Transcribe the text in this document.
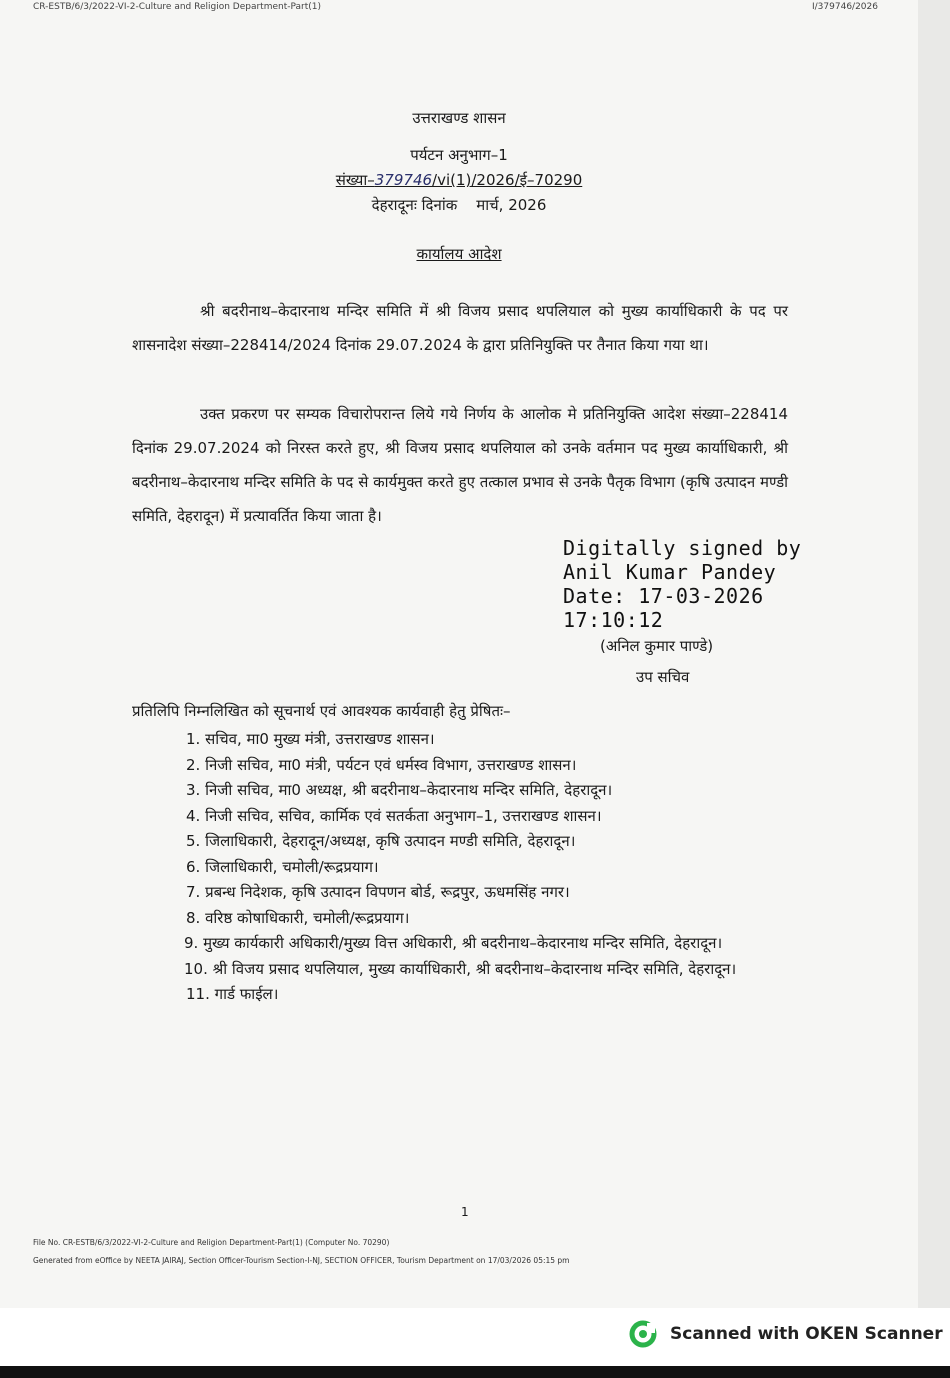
CR-ESTB/6/3/2022-VI-2-Culture and Religion Department-Part(1)	I/379746/2026
उत्तराखण्ड शासन
पर्यटन अनुभाग–1
संख्या–379746/vi(1)/2026/ई–70290
देहरादूनः दिनांक    मार्च, 2026
कार्यालय आदेश
श्री बदरीनाथ–केदारनाथ मन्दिर समिति में श्री विजय प्रसाद थपलियाल को मुख्य कार्याधिकारी के पद पर शासनादेश संख्या–228414/2024 दिनांक 29.07.2024 के द्वारा प्रतिनियुक्ति पर तैनात किया गया था।
उक्त प्रकरण पर सम्यक विचारोपरान्त लिये गये निर्णय के आलोक मे प्रतिनियुक्ति आदेश संख्या–228414 दिनांक 29.07.2024 को निरस्त करते हुए, श्री विजय प्रसाद थपलियाल को उनके वर्तमान पद मुख्य कार्याधिकारी, श्री बदरीनाथ–केदारनाथ मन्दिर समिति के पद से कार्यमुक्त करते हुए तत्काल प्रभाव से उनके पैतृक विभाग (कृषि उत्पादन मण्डी समिति, देहरादून) में प्रत्यावर्तित किया जाता है।
Digitally signed by
Anil Kumar Pandey
Date: 17-03-2026
17:10:12
(अनिल कुमार पाण्डे)
उप सचिव
प्रतिलिपि निम्नलिखित को सूचनार्थ एवं आवश्यक कार्यवाही हेतु प्रेषितः–
1. सचिव, मा0 मुख्य मंत्री, उत्तराखण्ड शासन।
2. निजी सचिव, मा0 मंत्री, पर्यटन एवं धर्मस्व विभाग, उत्तराखण्ड शासन।
3. निजी सचिव, मा0 अध्यक्ष, श्री बदरीनाथ–केदारनाथ मन्दिर समिति, देहरादून।
4. निजी सचिव, सचिव, कार्मिक एवं सतर्कता अनुभाग–1, उत्तराखण्ड शासन।
5. जिलाधिकारी, देहरादून/अध्यक्ष, कृषि उत्पादन मण्डी समिति, देहरादून।
6. जिलाधिकारी, चमोली/रूद्रप्रयाग।
7. प्रबन्ध निदेशक, कृषि उत्पादन विपणन बोर्ड, रूद्रपुर, ऊधमसिंह नगर।
8. वरिष्ठ कोषाधिकारी, चमोली/रूद्रप्रयाग।
9. मुख्य कार्यकारी अधिकारी/मुख्य वित्त अधिकारी, श्री बदरीनाथ–केदारनाथ मन्दिर समिति, देहरादून।
10. श्री विजय प्रसाद थपलियाल, मुख्य कार्याधिकारी, श्री बदरीनाथ–केदारनाथ मन्दिर समिति, देहरादून।
11. गार्ड फाईल।
1
File No. CR-ESTB/6/3/2022-VI-2-Culture and Religion Department-Part(1) (Computer No. 70290)
Generated from eOffice by NEETA JAIRAJ, Section Officer-Tourism Section-I-NJ, SECTION OFFICER, Tourism Department on 17/03/2026 05:15 pm
Scanned with OKEN Scanner
